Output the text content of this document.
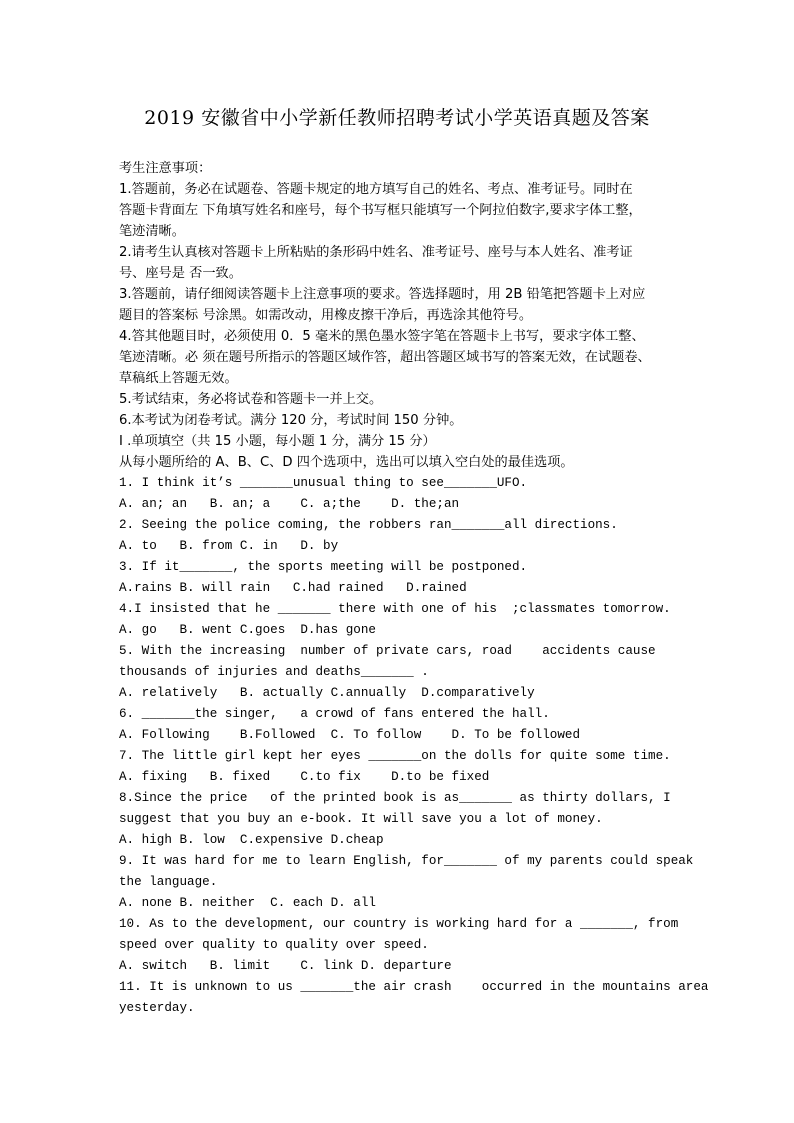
2019 安徽省中小学新任教师招聘考试小学英语真题及答案
考生注意事项：
1.答题前，务必在试题卷、答题卡规定的地方填写自己的姓名、考点、准考证号。同时在
答题卡背面左 下角填写姓名和座号，每个书写框只能填写一个阿拉伯数字,要求字体工整，
笔迹清晰。
2.请考生认真核对答题卡上所粘贴的条形码中姓名、准考证号、座号与本人姓名、准考证
号、座号是 否一致。
3.答题前，请仔细阅读答题卡上注意事项的要求。答选择题时，用 2B 铅笔把答题卡上对应
题目的答案标 号涂黑。如需改动，用橡皮擦干净后，再选涂其他符号。
4.答其他题目时，必须使用 0．5 毫米的黑色墨水签字笔在答题卡上书写，要求字体工整、
笔迹清晰。必 须在题号所指示的答题区域作答，超出答题区域书写的答案无效，在试题卷、
草稿纸上答题无效。
5.考试结束，务必将试卷和答题卡一并上交。
6.本考试为闭卷考试。满分 120 分，考试时间 150 分钟。
I .单项填空（共 15 小题，每小题 1 分，满分 15 分）
从每小题所给的 A、B、C、D 四个选项中，选出可以填入空白处的最佳选项。
1. I think it’s _______unusual thing to see_______UFO.
A. an; an   B. an; a    C. a;the    D. the;an
2. Seeing the police coming, the robbers ran_______all directions.
A. to   B. from C. in   D. by
3. If it_______, the sports meeting will be postponed.
A.rains B. will rain   C.had rained   D.rained
4.I insisted that he _______ there with one of his  ;classmates tomorrow.
A. go   B. went C.goes  D.has gone
5. With the increasing  number of private cars, road    accidents cause
thousands of injuries and deaths_______ .
A. relatively   B. actually C.annually  D.comparatively
6. _______the singer,   a crowd of fans entered the hall.
A. Following    B.Followed  C. To follow    D. To be followed
7. The little girl kept her eyes _______on the dolls for quite some time.
A. fixing   B. fixed    C.to fix    D.to be fixed
8.Since the price   of the printed book is as_______ as thirty dollars, I
suggest that you buy an e-book. It will save you a lot of money.
A. high B. low  C.expensive D.cheap
9. It was hard for me to learn English, for_______ of my parents could speak
the language.
A. none B. neither  C. each D. all
10. As to the development, our country is working hard for a _______, from
speed over quality to quality over speed.
A. switch   B. limit    C. link D. departure
11. It is unknown to us _______the air crash    occurred in the mountains area
yesterday.
